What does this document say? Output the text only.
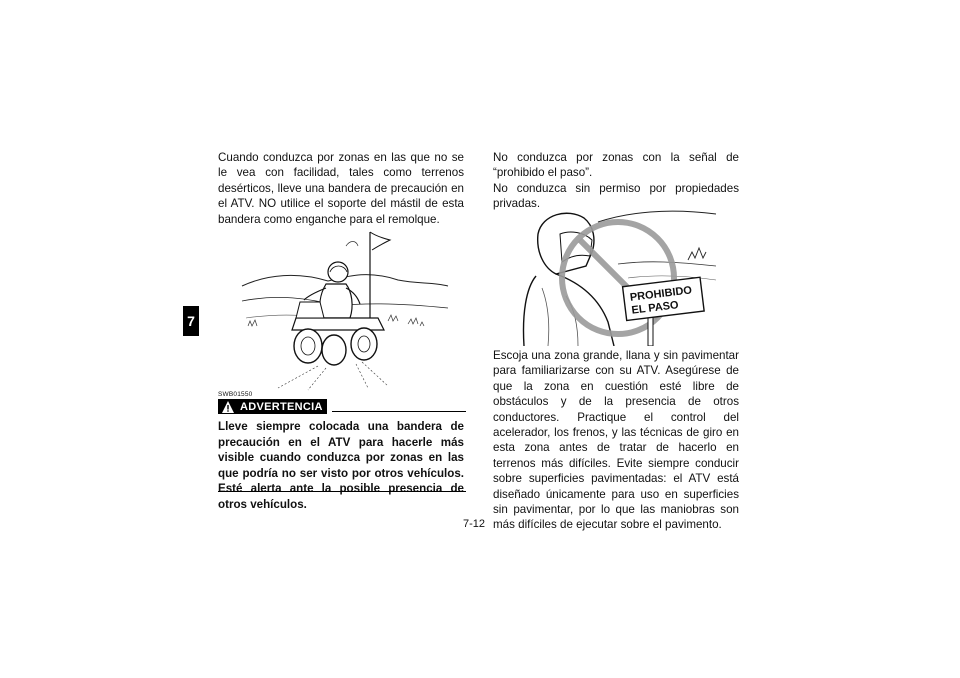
7

Cuando conduzca por zonas en las que no se le vea con facilidad, tales como terrenos desérticos, lleve una bandera de precaución en el ATV. NO utilice el soporte del mástil de esta bandera como enganche para el remolque.

SWB01550
ADVERTENCIA

Lleve siempre colocada una bandera de precaución en el ATV para hacerle más visible cuando conduzca por zonas en las que podría no ser visto por otros vehículos. Esté alerta ante la posible presencia de otros vehículos.

No conduzca por zonas con la señal de “prohibido el paso”.

No conduzca sin permiso por propiedades privadas.

PROHIBIDO
EL PASO

Escoja una zona grande, llana y sin pavimentar para familiarizarse con su ATV. Asegúrese de que la zona en cuestión esté libre de obstáculos y de la presencia de otros conductores. Practique el control del acelerador, los frenos, y las técnicas de giro en esta zona antes de tratar de hacerlo en terrenos más difíciles. Evite siempre conducir sobre superficies pavimentadas: el ATV está diseñado únicamente para uso en superficies sin pavimentar, por lo que las maniobras son más difíciles de ejecutar sobre el pavimento.

7-12
